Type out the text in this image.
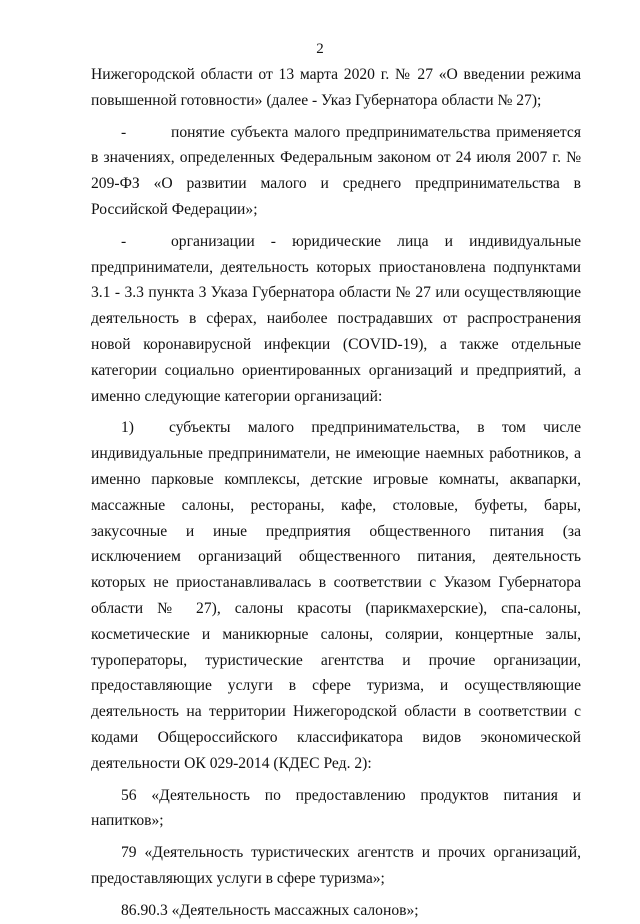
2

Нижегородской области от 13 марта 2020 г. № 27 «О введении режима повышенной готовности» (далее - Указ Губернатора области № 27);

-	понятие субъекта малого предпринимательства применяется в значениях, определенных Федеральным законом от 24 июля 2007 г. № 209-ФЗ «О развитии малого и среднего предпринимательства в Российской Федерации»;

-	организации - юридические лица и индивидуальные предприниматели, деятельность которых приостановлена подпунктами 3.1 - 3.3 пункта 3 Указа Губернатора области № 27 или осуществляющие деятельность в сферах, наиболее пострадавших от распространения новой коронавирусной инфекции (COVID-19), а также отдельные категории социально ориентированных организаций и предприятий, а именно следующие категории организаций:

1) субъекты малого предпринимательства, в том числе индивидуальные предприниматели, не имеющие наемных работников, а именно парковые комплексы, детские игровые комнаты, аквапарки, массажные салоны, рестораны, кафе, столовые, буфеты, бары, закусочные и иные предприятия общественного питания (за исключением организаций общественного питания, деятельность которых не приостанавливалась в соответствии с Указом Губернатора области № 27), салоны красоты (парикмахерские), спа-салоны, косметические и маникюрные салоны, солярии, концертные залы, туроператоры, туристические агентства и прочие организации, предоставляющие услуги в сфере туризма, и осуществляющие деятельность на территории Нижегородской области в соответствии с кодами Общероссийского классификатора видов экономической деятельности ОК 029-2014 (КДЕС Ред. 2):

56 «Деятельность по предоставлению продуктов питания и напитков»;

79 «Деятельность туристических агентств и прочих организаций, предоставляющих услуги в сфере туризма»;

86.90.3 «Деятельность массажных салонов»;
